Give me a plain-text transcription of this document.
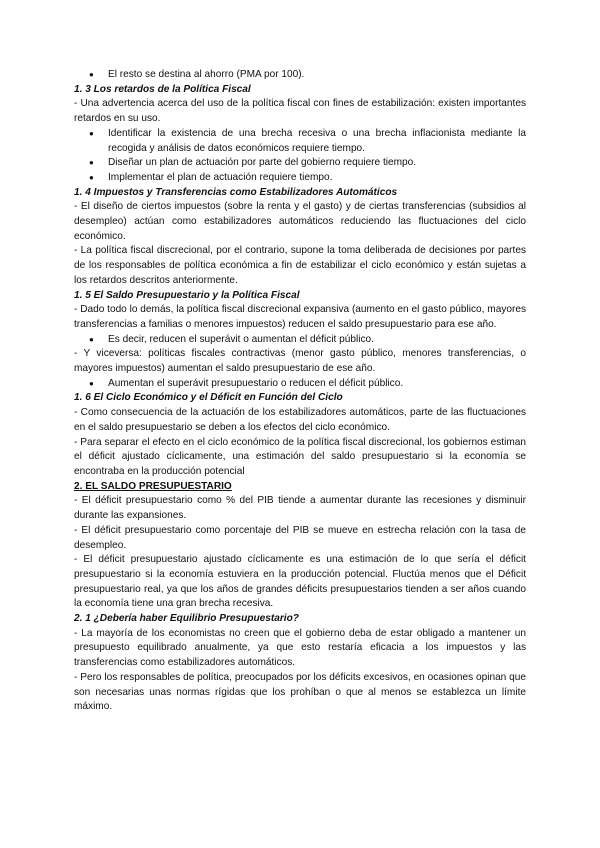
● El resto se destina al ahorro (PMA por 100).

1. 3 Los retardos de la Política Fiscal

- Una advertencia acerca del uso de la política fiscal con fines de estabilización: existen importantes retardos en su uso.

● Identificar la existencia de una brecha recesiva o una brecha inflacionista mediante la recogida y análisis de datos económicos requiere tiempo.
● Diseñar un plan de actuación por parte del gobierno requiere tiempo.
● Implementar el plan de actuación requiere tiempo.

1. 4 Impuestos y Transferencias como Estabilizadores Automáticos

- El diseño de ciertos impuestos (sobre la renta y el gasto) y de ciertas transferencias (subsidios al desempleo) actúan como estabilizadores automáticos reduciendo las fluctuaciones del ciclo económico.

- La política fiscal discrecional, por el contrario, supone la toma deliberada de decisiones por partes de los responsables de política económica a fin de estabilizar el ciclo económico y están sujetas a los retardos descritos anteriormente.

1. 5 El Saldo Presupuestario y la Política Fiscal

- Dado todo lo demás, la política fiscal discrecional expansiva (aumento en el gasto público, mayores transferencias a familias o menores impuestos) reducen el saldo presupuestario para ese año.

● Es decir, reducen el superávit o aumentan el déficit público.

- Y viceversa: políticas fiscales contractivas (menor gasto público, menores transferencias, o mayores impuestos) aumentan el saldo presupuestario de ese año.

● Aumentan el superávit presupuestario o reducen el déficit público.

1. 6 El Ciclo Económico y el Déficit en Función del Ciclo

- Como consecuencia de la actuación de los estabilizadores automáticos, parte de las fluctuaciones en el saldo presupuestario se deben a los efectos del ciclo económico.

- Para separar el efecto en el ciclo económico de la política fiscal discrecional, los gobiernos estiman el déficit ajustado cíclicamente, una estimación del saldo presupuestario si la economía se encontraba en la producción potencial

2. EL SALDO PRESUPUESTARIO

- El déficit presupuestario como % del PIB tiende a aumentar durante las recesiones y disminuir durante las expansiones.

- El déficit presupuestario como porcentaje del PIB se mueve en estrecha relación con la tasa de desempleo.

- El déficit presupuestario ajustado cíclicamente es una estimación de lo que sería el déficit presupuestario si la economía estuviera en la producción potencial. Fluctúa menos que el Déficit presupuestario real, ya que los años de grandes déficits presupuestarios tienden a ser años cuando la economía tiene una gran brecha recesiva.

2. 1 ¿Debería haber Equilibrio Presupuestario?

- La mayoría de los economistas no creen que el gobierno deba de estar obligado a mantener un presupuesto equilibrado anualmente, ya que esto restaría eficacia a los impuestos y las transferencias como estabilizadores automáticos.

- Pero los responsables de política, preocupados por los déficits excesivos, en ocasiones opinan que son necesarias unas normas rígidas que los prohíban o que al menos se establezca un límite máximo.
